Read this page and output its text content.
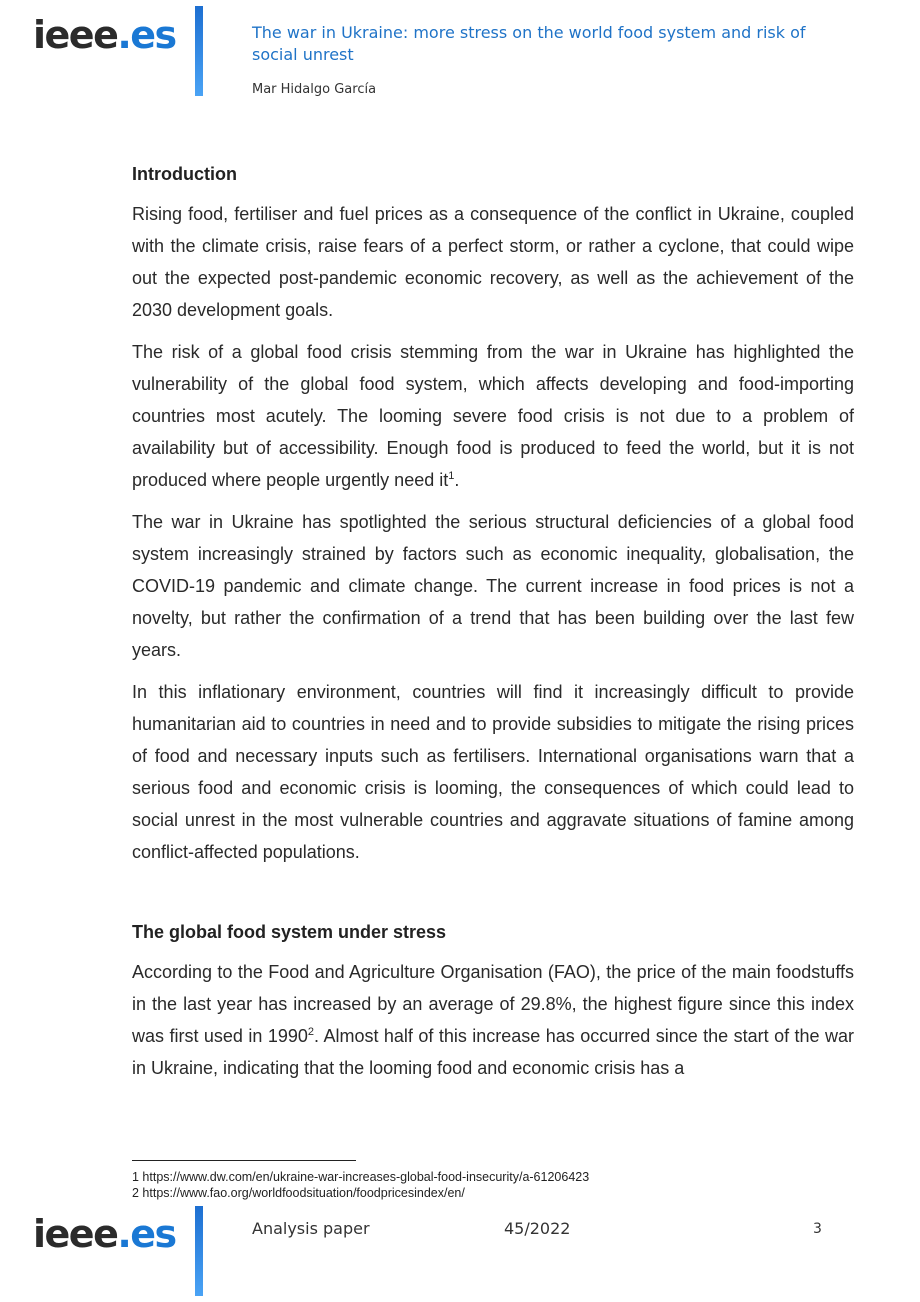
ieee.es	The war in Ukraine: more stress on the world food system and risk of social unrest
Mar Hidalgo García
Introduction

Rising food, fertiliser and fuel prices as a consequence of the conflict in Ukraine, coupled with the climate crisis, raise fears of a perfect storm, or rather a cyclone, that could wipe out the expected post-pandemic economic recovery, as well as the achievement of the 2030 development goals.

The risk of a global food crisis stemming from the war in Ukraine has highlighted the vulnerability of the global food system, which affects developing and food-importing countries most acutely. The looming severe food crisis is not due to a problem of availability but of accessibility. Enough food is produced to feed the world, but it is not produced where people urgently need $it^1$.

The war in Ukraine has spotlighted the serious structural deficiencies of a global food system increasingly strained by factors such as economic inequality, globalisation, the COVID-19 pandemic and climate change. The current increase in food prices is not a novelty, but rather the confirmation of a trend that has been building over the last few years.

In this inflationary environment, countries will find it increasingly difficult to provide humanitarian aid to countries in need and to provide subsidies to mitigate the rising prices of food and necessary inputs such as fertilisers. International organisations warn that a serious food and economic crisis is looming, the consequences of which could lead to social unrest in the most vulnerable countries and aggravate situations of famine among conflict-affected populations.

The global food system under stress

According to the Food and Agriculture Organisation (FAO), the price of the main foodstuffs in the last year has increased by an average of 29.8%, the highest figure since this index was first used in 1990$^2$. Almost half of this increase has occurred since the start of the war in Ukraine, indicating that the looming food and economic crisis has a

1 https://www.dw.com/en/ukraine-war-increases-global-food-insecurity/a-61206423
2 https://www.fao.org/worldfoodsituation/foodpricesindex/en/
ieee.es	Analysis paper	45/2022	3
